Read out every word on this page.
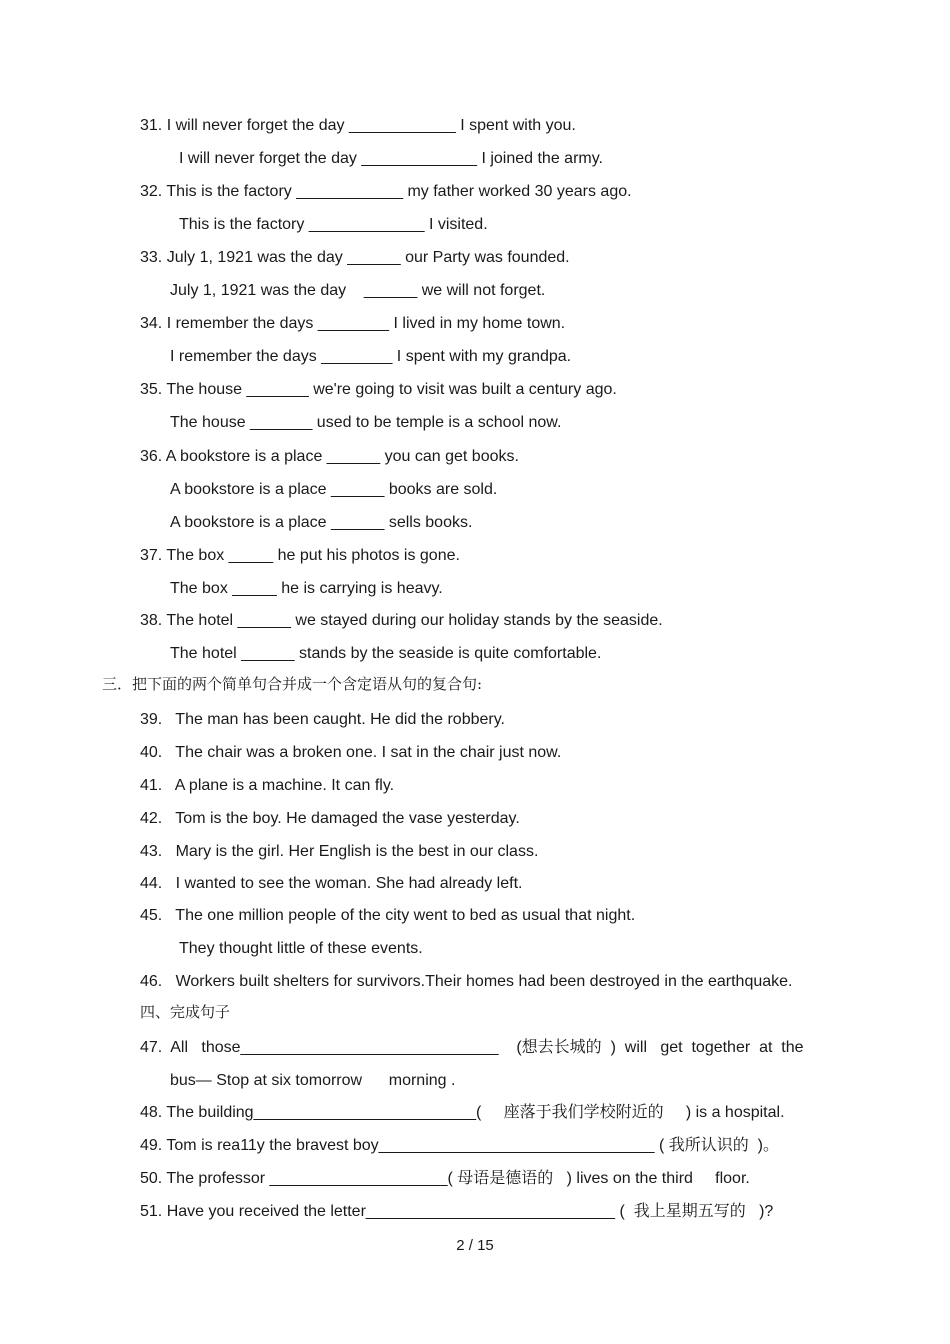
31. I will never forget the day ____________ I spent with you.
I will never forget the day _____________ I joined the army.
32. This is the factory ____________ my father worked 30 years ago.
This is the factory _____________ I visited.
33. July 1, 1921 was the day ______ our Party was founded.
July 1, 1921 was the day    ______ we will not forget.
34. I remember the days ________ I lived in my home town.
I remember the days ________ I spent with my grandpa.
35. The house _______ we're going to visit was built a century ago.
The house _______ used to be temple is a school now.
36. A bookstore is a place ______ you can get books.
A bookstore is a place ______ books are sold.
A bookstore is a place ______ sells books.
37. The box _____ he put his photos is gone.
The box _____ he is carrying is heavy.
38. The hotel ______ we stayed during our holiday stands by the seaside.
The hotel ______ stands by the seaside is quite comfortable.
三．把下面的两个简单句合并成一个含定语从句的复合句:
39.   The man has been caught. He did the robbery.
40.   The chair was a broken one. I sat in the chair just now.
41.   A plane is a machine. It can fly.
42.   Tom is the boy. He damaged the vase yesterday.
43.   Mary is the girl. Her English is the best in our class.
44.   I wanted to see the woman. She had already left.
45.   The one million people of the city went to bed as usual that night.
They thought little of these events.
46.   Workers built shelters for survivors.Their homes had been destroyed in the earthquake.
四、完成句子
47.  All   those_____________________________    (想去长城的  )  will   get  together  at  the
bus— Stop at six tomorrow      morning .
48. The building_________________________(     座落于我们学校附近的     ) is a hospital.
49. Tom is rea11y the bravest boy_______________________________ ( 我所认识的  )。
50. The professor ____________________( 母语是德语的   ) lives on the third     floor.
51. Have you received the letter____________________________ (  我上星期五写的   )?
2 / 15
